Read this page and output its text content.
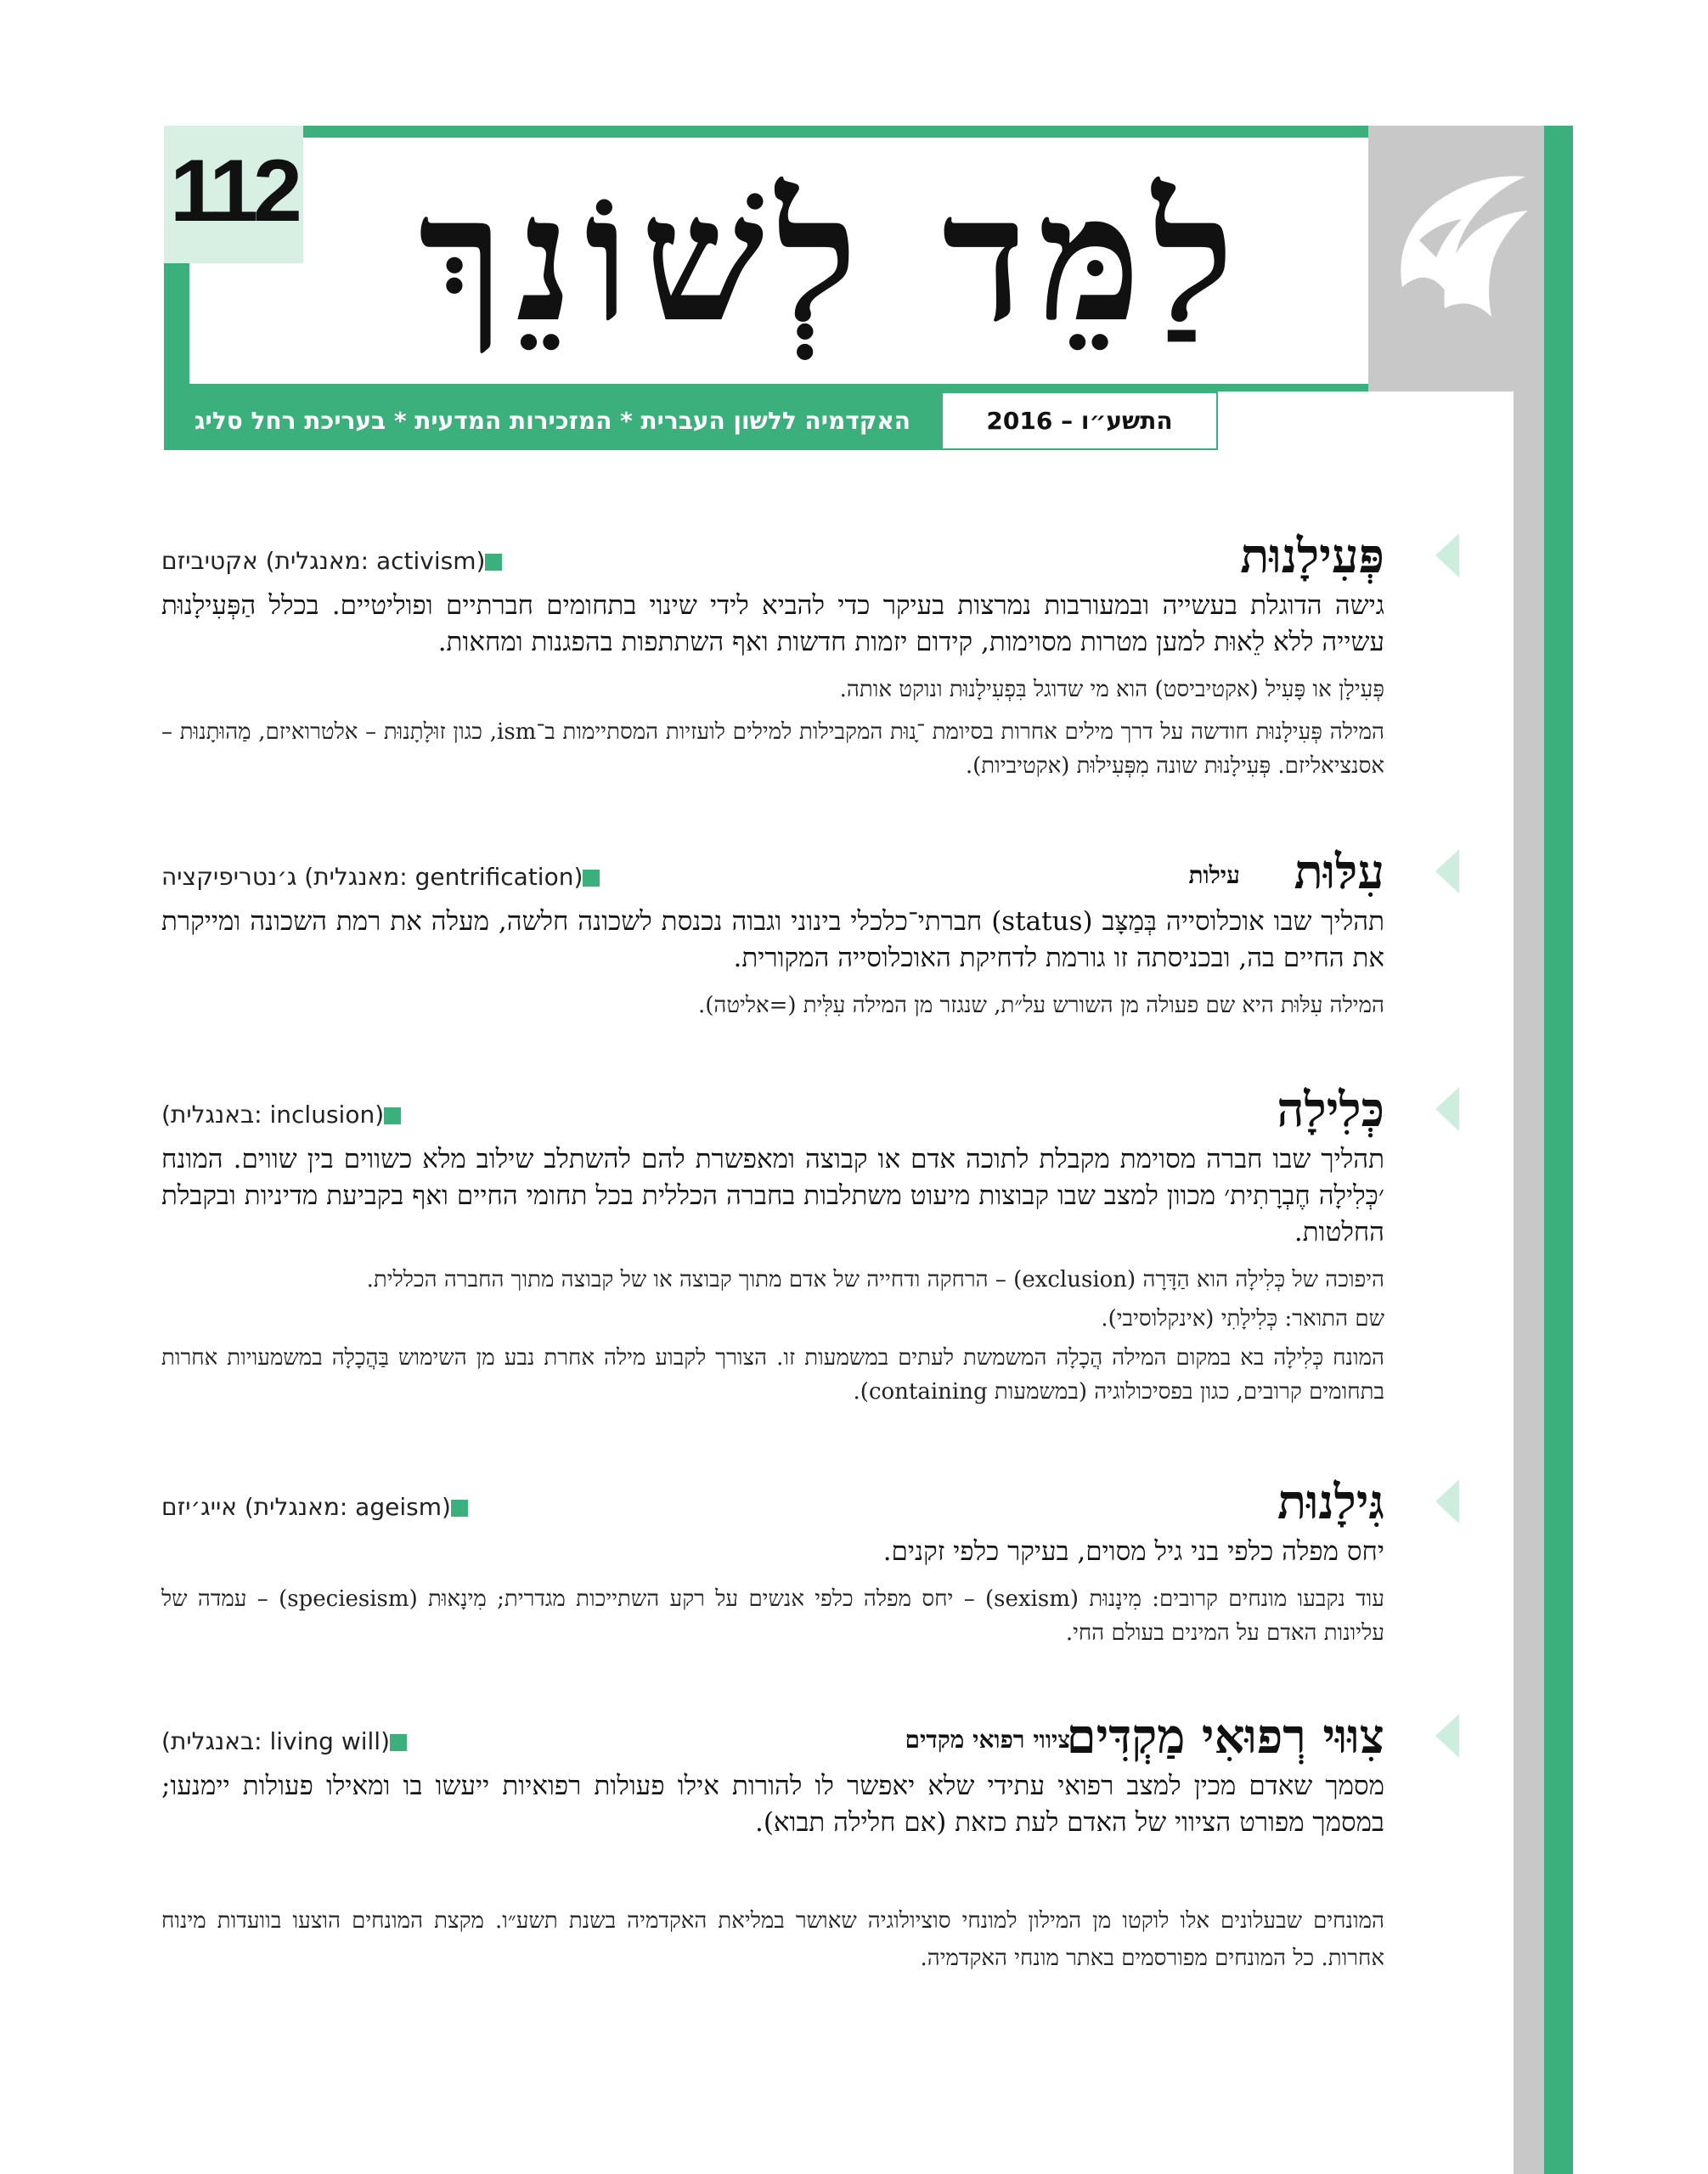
112 לַמֵּד לְשׁוֹנֵךְ
האקדמיה ללשון העברית * המזכירות המדעית * בעריכת רחל סליג	התשע״ו – 2016
פְּעִילָנוּת
אקטיביזם (מאנגלית: activism)
גישה הדוגלת בעשייה ובמעורבות נמרצות בעיקר כדי להביא לידי שינוי בתחומים חברתיים ופוליטיים. בכלל הַפְּעִילָנוּת עשייה ללא לֵאוּת למען מטרות מסוימות, קידום יזמות חדשות ואף השתתפות בהפגנות ומחאות.
פְּעִילָן או פָּעִיל (אקטיביסט) הוא מי שדוגל בִּפְעִילָנוּת ונוקט אותה.
המילה פְּעִילָנוּת חודשה על דרך מילים אחרות בסיומת ־ָנוּת המקבילות למילים לועזיות המסתיימות ב־ism, כגון זוּלָתָנוּת – אלטרואיזם, מַהוּתָנוּת – אסנציאליזם. פְּעִילָנוּת שונה מִפְּעִילוּת (אקטיביות).
עִלּוּת
עילות
ג׳נטריפיקציה (מאנגלית: gentrification)
תהליך שבו אוכלוסייה בְּמַצָּב (status) חברתי־כלכלי בינוני וגבוה נכנסת לשכונה חלשה, מעלה את רמת השכונה ומייקרת את החיים בה, ובכניסתה זו גורמת לדחיקת האוכלוסייה המקורית.
המילה עִלּוּת היא שם פעולה מן השורש על״ת, שנגזר מן המילה עִלִּית (=אליטה).
כְּלִילָה
(באנגלית: inclusion)
תהליך שבו חברה מסוימת מקבלת לתוכה אדם או קבוצה ומאפשרת להם להשתלב שילוב מלא כשווים בין שווים. המונח ׳כְּלִילָה חֶבְרָתִית׳ מכוון למצב שבו קבוצות מיעוט משתלבות בחברה הכללית בכל תחומי החיים ואף בקביעת מדיניות ובקבלת החלטות.
היפוכה של כְּלִילָה הוא הַדָּרָה (exclusion) – הרחקה ודחייה של אדם מתוך קבוצה או של קבוצה מתוך החברה הכללית.
שם התואר: כְּלִילָתִי (אינקלוסיבי).
המונח כְּלִילָה בא במקום המילה הֲכָלָה המשמשת לעתים במשמעות זו. הצורך לקבוע מילה אחרת נבע מן השימוש בַּהֲכָלָה במשמעויות אחרות בתחומים קרובים, כגון בפסיכולוגיה (במשמעות containing).
גִּילָנוּת
אייג׳יזם (מאנגלית: ageism)
יחס מפלה כלפי בני גיל מסוים, בעיקר כלפי זקנים.
עוד נקבעו מונחים קרובים: מִינָנוּת (sexism) – יחס מפלה כלפי אנשים על רקע השתייכות מגדרית; מִינָאוּת (speciesism) – עמדה של עליונות האדם על המינים בעולם החי.
צִוּוּי רְפוּאִי מַקְדִּים
ציווי רפואי מקדים
(באנגלית: living will)
מסמך שאדם מכין למצב רפואי עתידי שלא יאפשר לו להורות אילו פעולות רפואיות ייעשו בו ומאילו פעולות יימנעו; במסמך מפורט הציווי של האדם לעת כזאת (אם חלילה תבוא).
המונחים שבעלונים אלו לוקטו מן המילון למונחי סוציולוגיה שאושר במליאת האקדמיה בשנת תשע״ו. מקצת המונחים הוצעו בוועדות מינוח אחרות. כל המונחים מפורסמים באתר מונחי האקדמיה.
